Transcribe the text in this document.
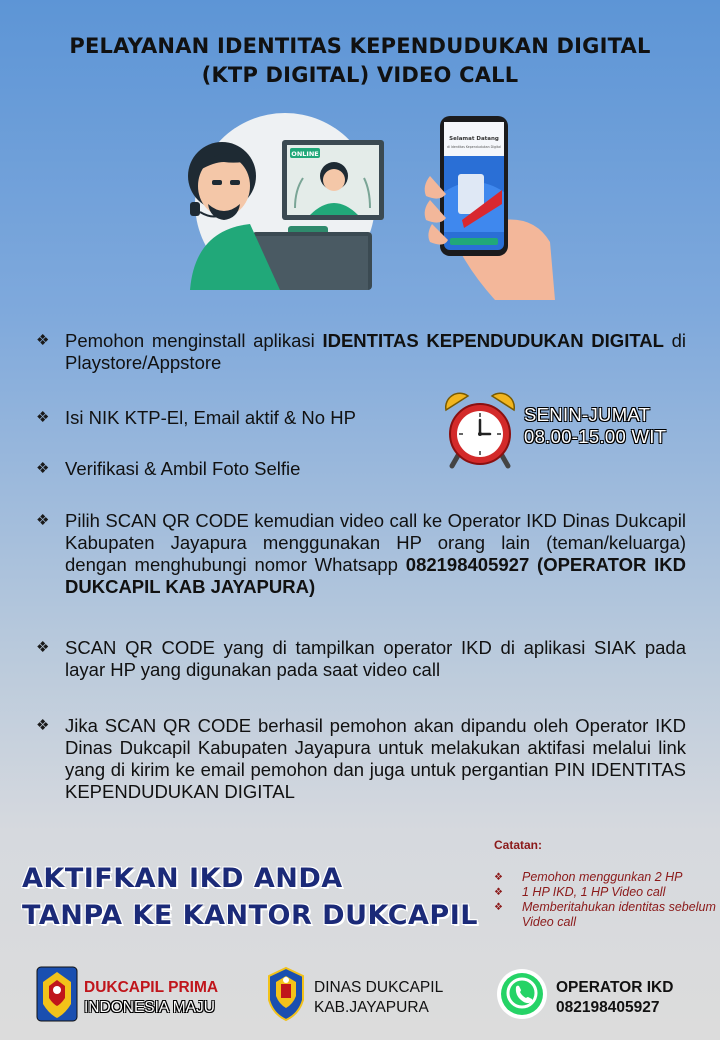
PELAYANAN IDENTITAS KEPENDUDUKAN DIGITAL
(KTP DIGITAL) VIDEO CALL
ONLINE
Selamat Datang
di Identitas Kependudukan Digital
❖ Pemohon menginstall aplikasi IDENTITAS KEPENDUDUKAN DIGITAL di Playstore/Appstore
❖ Isi NIK KTP-El, Email aktif & No HP
❖ Verifikasi & Ambil Foto Selfie
❖ Pilih SCAN QR CODE kemudian video call ke Operator IKD Dinas Dukcapil Kabupaten Jayapura menggunakan HP orang lain (teman/keluarga) dengan menghubungi nomor Whatsapp 082198405927 (OPERATOR IKD DUKCAPIL KAB JAYAPURA)
❖ SCAN QR CODE yang di tampilkan operator IKD di aplikasi SIAK pada layar HP yang digunakan pada saat video call
❖ Jika SCAN QR CODE berhasil pemohon akan dipandu oleh Operator IKD Dinas Dukcapil Kabupaten Jayapura untuk melakukan aktifasi melalui link yang di kirim ke email pemohon dan juga untuk pergantian PIN IDENTITAS KEPENDUDUKAN DIGITAL
SENIN-JUMAT
08.00-15.00 WIT
AKTIFKAN IKD ANDA
TANPA KE KANTOR DUKCAPIL
Catatan:
❖	Pemohon menggunkan 2 HP
❖	1 HP IKD, 1 HP Video call
❖	Memberitahukan identitas sebelum Video call
DUKCAPIL PRIMA
INDONESIA MAJU
DINAS DUKCAPIL
KAB.JAYAPURA
OPERATOR IKD
082198405927
